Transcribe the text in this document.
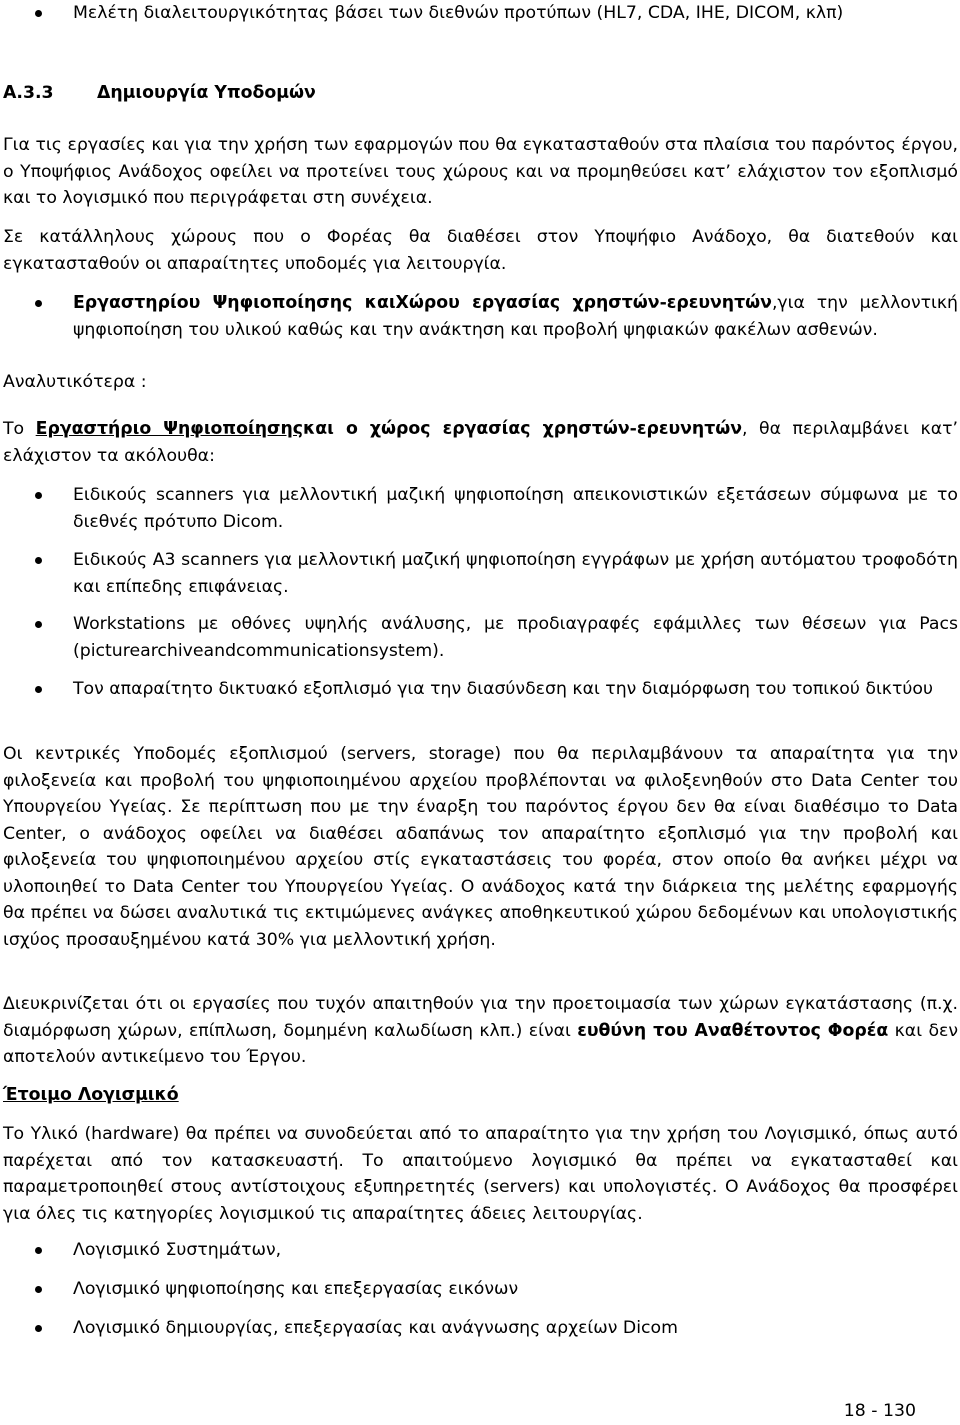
Μελέτη διαλειτουργικότητας βάσει των διεθνών προτύπων (HL7, CDA, IHE, DICOM, κλπ)
Α.3.3	Δημιουργία Υποδομών

Για τις εργασίες και για την χρήση των εφαρμογών που θα εγκατασταθούν στα πλαίσια του παρόντος έργου, ο Υποψήφιος Ανάδοχος οφείλει να προτείνει τους χώρους και να προμηθεύσει κατ’ ελάχιστον τον εξοπλισμό και το λογισμικό που περιγράφεται στη συνέχεια.

Σε κατάλληλους χώρους που ο Φορέας θα διαθέσει στον Υποψήφιο Ανάδοχο, θα διατεθούν και εγκατασταθούν οι απαραίτητες υποδομές για λειτουργία.

Εργαστηρίου Ψηφιοποίησης καιΧώρου εργασίας χρηστών-ερευνητών,για την μελλοντική ψηφιοποίηση του υλικού καθώς και την ανάκτηση και προβολή ψηφιακών φακέλων ασθενών.
Αναλυτικότερα :

Το Εργαστήριο Ψηφιοποίησηςκαι ο χώρος εργασίας χρηστών-ερευνητών, θα περιλαμβάνει κατ’ ελάχιστον τα ακόλουθα:

Ειδικούς scanners για μελλοντική μαζική ψηφιοποίηση απεικονιστικών εξετάσεων σύμφωνα με το διεθνές πρότυπο Dicom.
Ειδικούς Α3 scanners για μελλοντική μαζική ψηφιοποίηση εγγράφων με χρήση αυτόματου τροφοδότη και επίπεδης επιφάνειας.
Workstations με οθόνες υψηλής ανάλυσης, με προδιαγραφές εφάμιλλες των θέσεων για Pacs (picturearchiveandcommunicationsystem).
Τον απαραίτητο δικτυακό εξοπλισμό για την διασύνδεση και την διαμόρφωση του τοπικού δικτύου

Οι κεντρικές Υποδομές εξοπλισμού (servers, storage) που θα περιλαμβάνουν τα απαραίτητα για την φιλοξενεία και προβολή του ψηφιοποιημένου αρχείου προβλέπονται να φιλοξενηθούν στο Data Center του Υπουργείου Υγείας. Σε περίπτωση που με την έναρξη του παρόντος έργου δεν θα είναι διαθέσιμο το Data Center, ο ανάδοχος οφείλει να διαθέσει αδαπάνως τον απαραίτητο εξοπλισμό για την προβολή και φιλοξενεία του ψηφιοποιημένου αρχείου στίς εγκαταστάσεις του φορέα, στον οποίο θα ανήκει μέχρι να υλοποιηθεί το Data Center του Υπουργείου Υγείας. Ο ανάδοχος κατά την διάρκεια της μελέτης εφαρμογής θα πρέπει να δώσει αναλυτικά τις εκτιμώμενες ανάγκες αποθηκευτικού χώρου δεδομένων και υπολογιστικής ισχύος προσαυξημένου κατά 30% για μελλοντική χρήση.

Διευκρινίζεται ότι οι εργασίες που τυχόν απαιτηθούν για την προετοιμασία των χώρων εγκατάστασης (π.χ. διαμόρφωση χώρων, επίπλωση, δομημένη καλωδίωση κλπ.) είναι ευθύνη του Αναθέτοντος Φορέα και δεν αποτελούν αντικείμενο του Έργου.

Έτοιμο Λογισμικό

Το Υλικό (hardware) θα πρέπει να συνοδεύεται από το απαραίτητο για την χρήση του Λογισμικό, όπως αυτό παρέχεται από τον κατασκευαστή. Το απαιτούμενο λογισμικό θα πρέπει να εγκατασταθεί και παραμετροποιηθεί στους αντίστοιχους εξυπηρετητές (servers) και υπολογιστές. Ο Ανάδοχος θα προσφέρει για όλες τις κατηγορίες λογισμικού τις απαραίτητες άδειες λειτουργίας.

Λογισμικό Συστημάτων,
Λογισμικό ψηφιοποίησης και επεξεργασίας εικόνων
Λογισμικό δημιουργίας, επεξεργασίας και ανάγνωσης αρχείων Dicom
18 - 130
